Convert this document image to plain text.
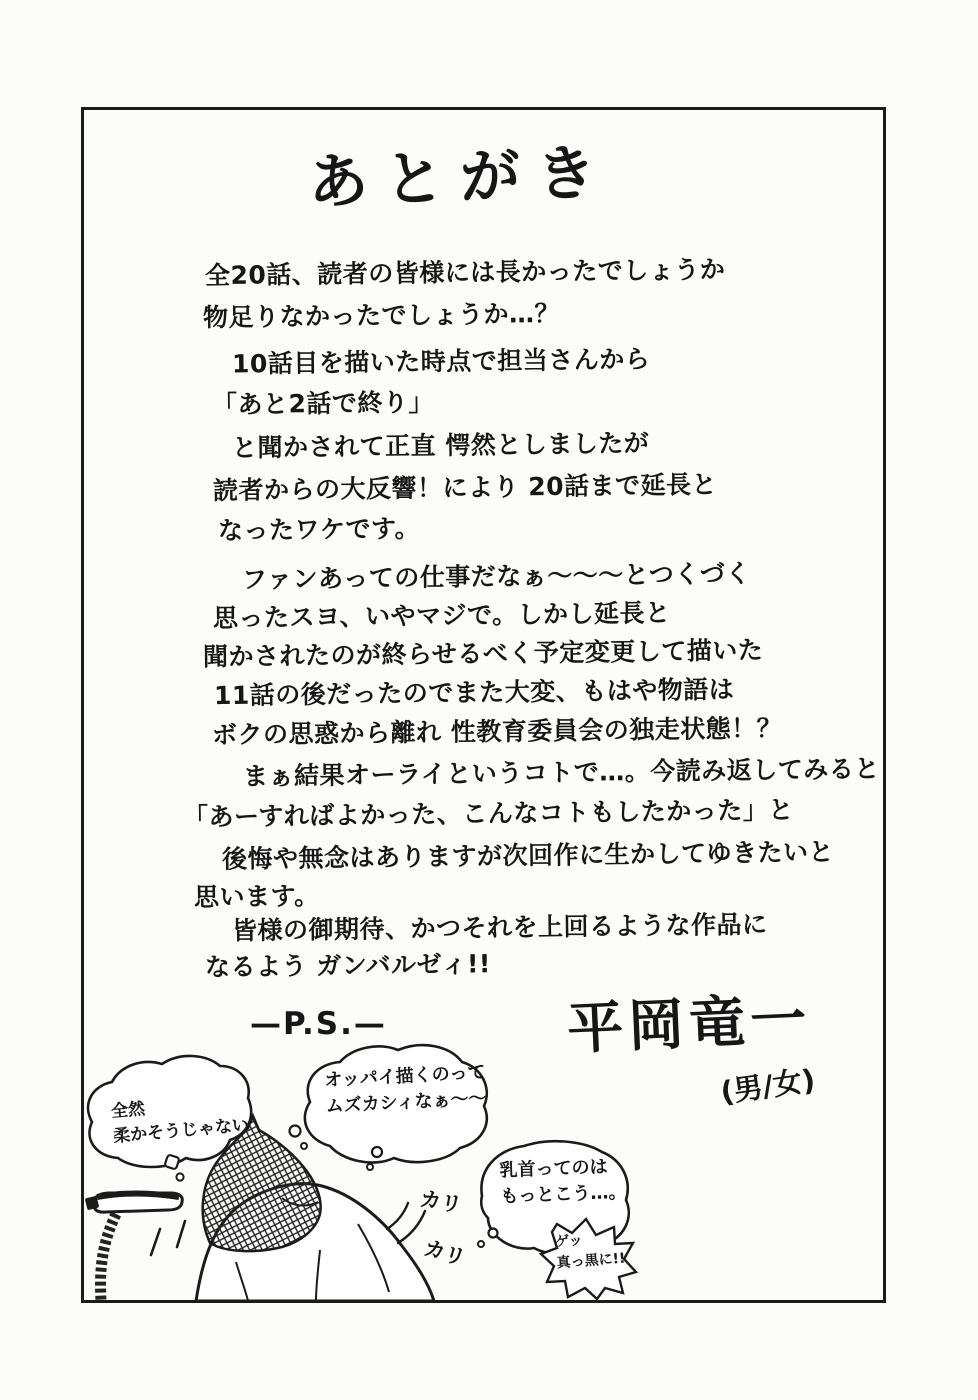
あとがき
全20話、読者の皆様には長かったでしょうか
物足りなかったでしょうか…？
10話目を描いた時点で担当さんから
「あと2話で終り」
と聞かされて正直 愕然としましたが
読者からの大反響！により 20話まで延長と
なったワケです。
ファンあっての仕事だなぁ〜〜〜とつくづく
思ったスヨ、いやマジで。しかし延長と
聞かされたのが終らせるべく予定変更して描いた
11話の後だったのでまた大変、もはや物語は
ボクの思惑から離れ 性教育委員会の独走状態！？
まぁ結果オーライというコトで…。今読み返してみると
「あーすればよかった、こんなコトもしたかった」と
後悔や無念はありますが次回作に生かしてゆきたいと
思います。
皆様の御期待、かつそれを上回るような作品に
なるよう ガンバルゼィ!!
—P.S.—	平岡竜一
(男/女)
全然
柔かそうじゃない
オッパイ描くのって
ムズカシィなぁ〜〜
乳首ってのは
もっとこう…。
ゲッ
真っ黒に!!
カリ
カリ
